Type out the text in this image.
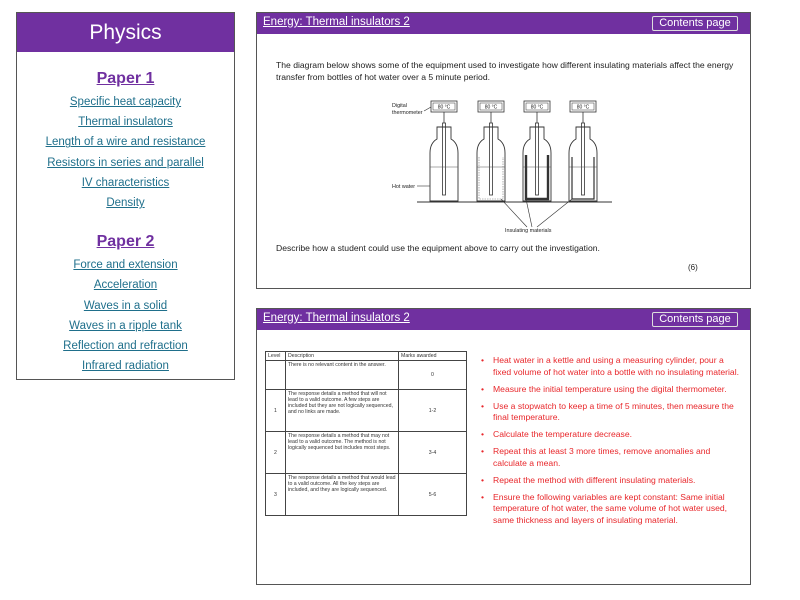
Physics
Paper 1
Specific heat capacity
Thermal insulators
Length of a wire and resistance
Resistors in series and parallel
IV characteristics
Density
Paper 2
Force and extension
Acceleration
Waves in a solid
Waves in a ripple tank
Reflection and refraction
Infrared radiation
Energy: Thermal insulators 2	Contents page
The diagram below shows some of the equipment used to investigate how different insulating materials affect the energy transfer from bottles of hot water over a 5 minute period.
80 °C	80 °C	80 °C	80 °C
Digital
thermometer
Hot water
Insulating materials
Describe how a student could use the equipment above to carry out the investigation.
(6)
Energy: Thermal insulators 2	Contents page
Level	Description	Marks awarded
	There is no relevant content in the answer.	0
1	The response details a method that will not lead to a valid outcome. A few steps are included but they are not logically sequenced, and no links are made.	1-2
2	The response details a method that may not lead to a valid outcome. The method is not logically sequenced but includes most steps.	3-4
3	The response details a method that would lead to a valid outcome. All the key steps are included, and they are logically sequenced.	5-6
• Heat water in a kettle and using a measuring cylinder, pour a fixed volume of hot water into a bottle with no insulating material.
• Measure the initial temperature using the digital thermometer.
• Use a stopwatch to keep a time of 5 minutes, then measure the final temperature.
• Calculate the temperature decrease.
• Repeat this at least 3 more times, remove anomalies and calculate a mean.
• Repeat the method with different insulating materials.
• Ensure the following variables are kept constant: Same initial temperature of hot water, the same volume of hot water used, same thickness and layers of insulating material.
